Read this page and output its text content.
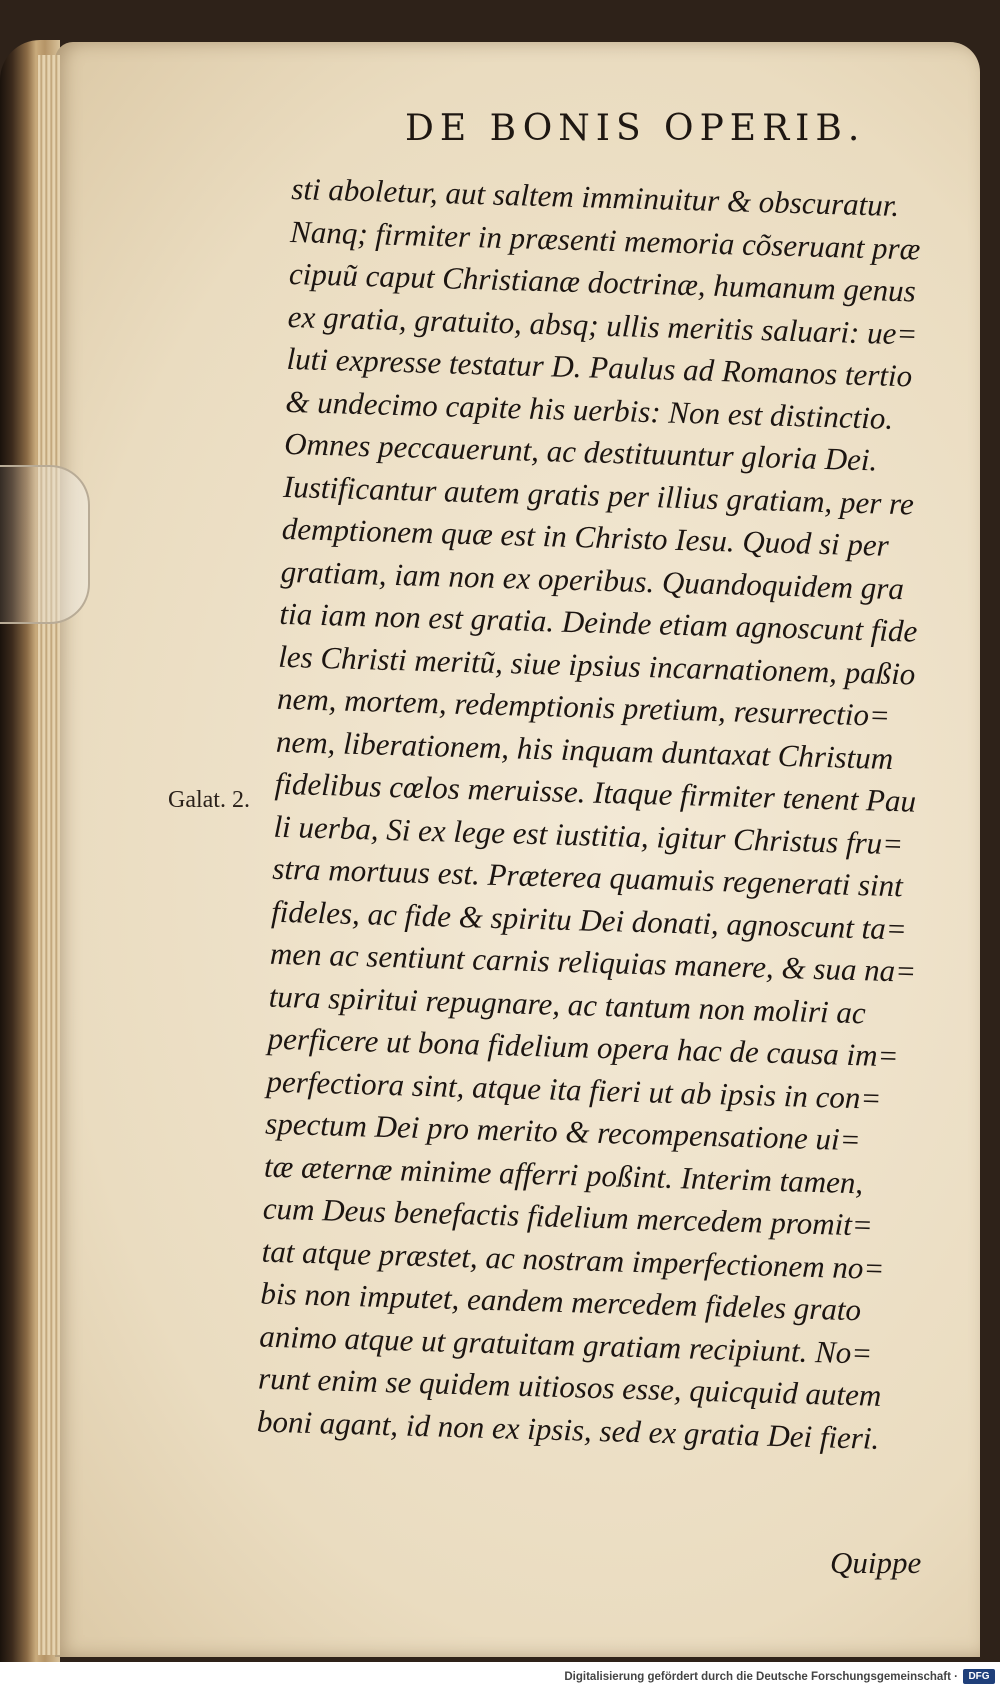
DE BONIS OPERIB.
Galat. 2.
sti aboletur, aut saltem imminuitur & obscuratur.
Nanq; firmiter in præsenti memoria cõseruant præ
cipuũ caput Christianæ doctrinæ, humanum genus
ex gratia, gratuito, absq; ullis meritis saluari: ue=
luti expresse testatur D. Paulus ad Romanos tertio
& undecimo capite his uerbis: Non est distinctio.
Omnes peccauerunt, ac destituuntur gloria Dei.
Iustificantur autem gratis per illius gratiam, per re
demptionem quæ est in Christo Iesu. Quod si per
gratiam, iam non ex operibus. Quandoquidem gra
tia iam non est gratia. Deinde etiam agnoscunt fide
les Christi meritũ, siue ipsius incarnationem, paßio
nem, mortem, redemptionis pretium, resurrectio=
nem, liberationem, his inquam duntaxat Christum
fidelibus cœlos meruisse. Itaque firmiter tenent Pau
li uerba, Si ex lege est iustitia, igitur Christus fru=
stra mortuus est. Præterea quamuis regenerati sint
fideles, ac fide & spiritu Dei donati, agnoscunt ta=
men ac sentiunt carnis reliquias manere, & sua na=
tura spiritui repugnare, ac tantum non moliri ac
perficere ut bona fidelium opera hac de causa im=
perfectiora sint, atque ita fieri ut ab ipsis in con=
spectum Dei pro merito & recompensatione ui=
tæ æternæ minime afferri poßint. Interim tamen,
cum Deus benefactis fidelium mercedem promit=
tat atque præstet, ac nostram imperfectionem no=
bis non imputet, eandem mercedem fideles grato
animo atque ut gratuitam gratiam recipiunt. No=
runt enim se quidem uitiosos esse, quicquid autem
boni agant, id non ex ipsis, sed ex gratia Dei fieri.
Quippe
Digitalisierung gefördert durch die Deutsche Forschungsgemeinschaft ·	DFG
